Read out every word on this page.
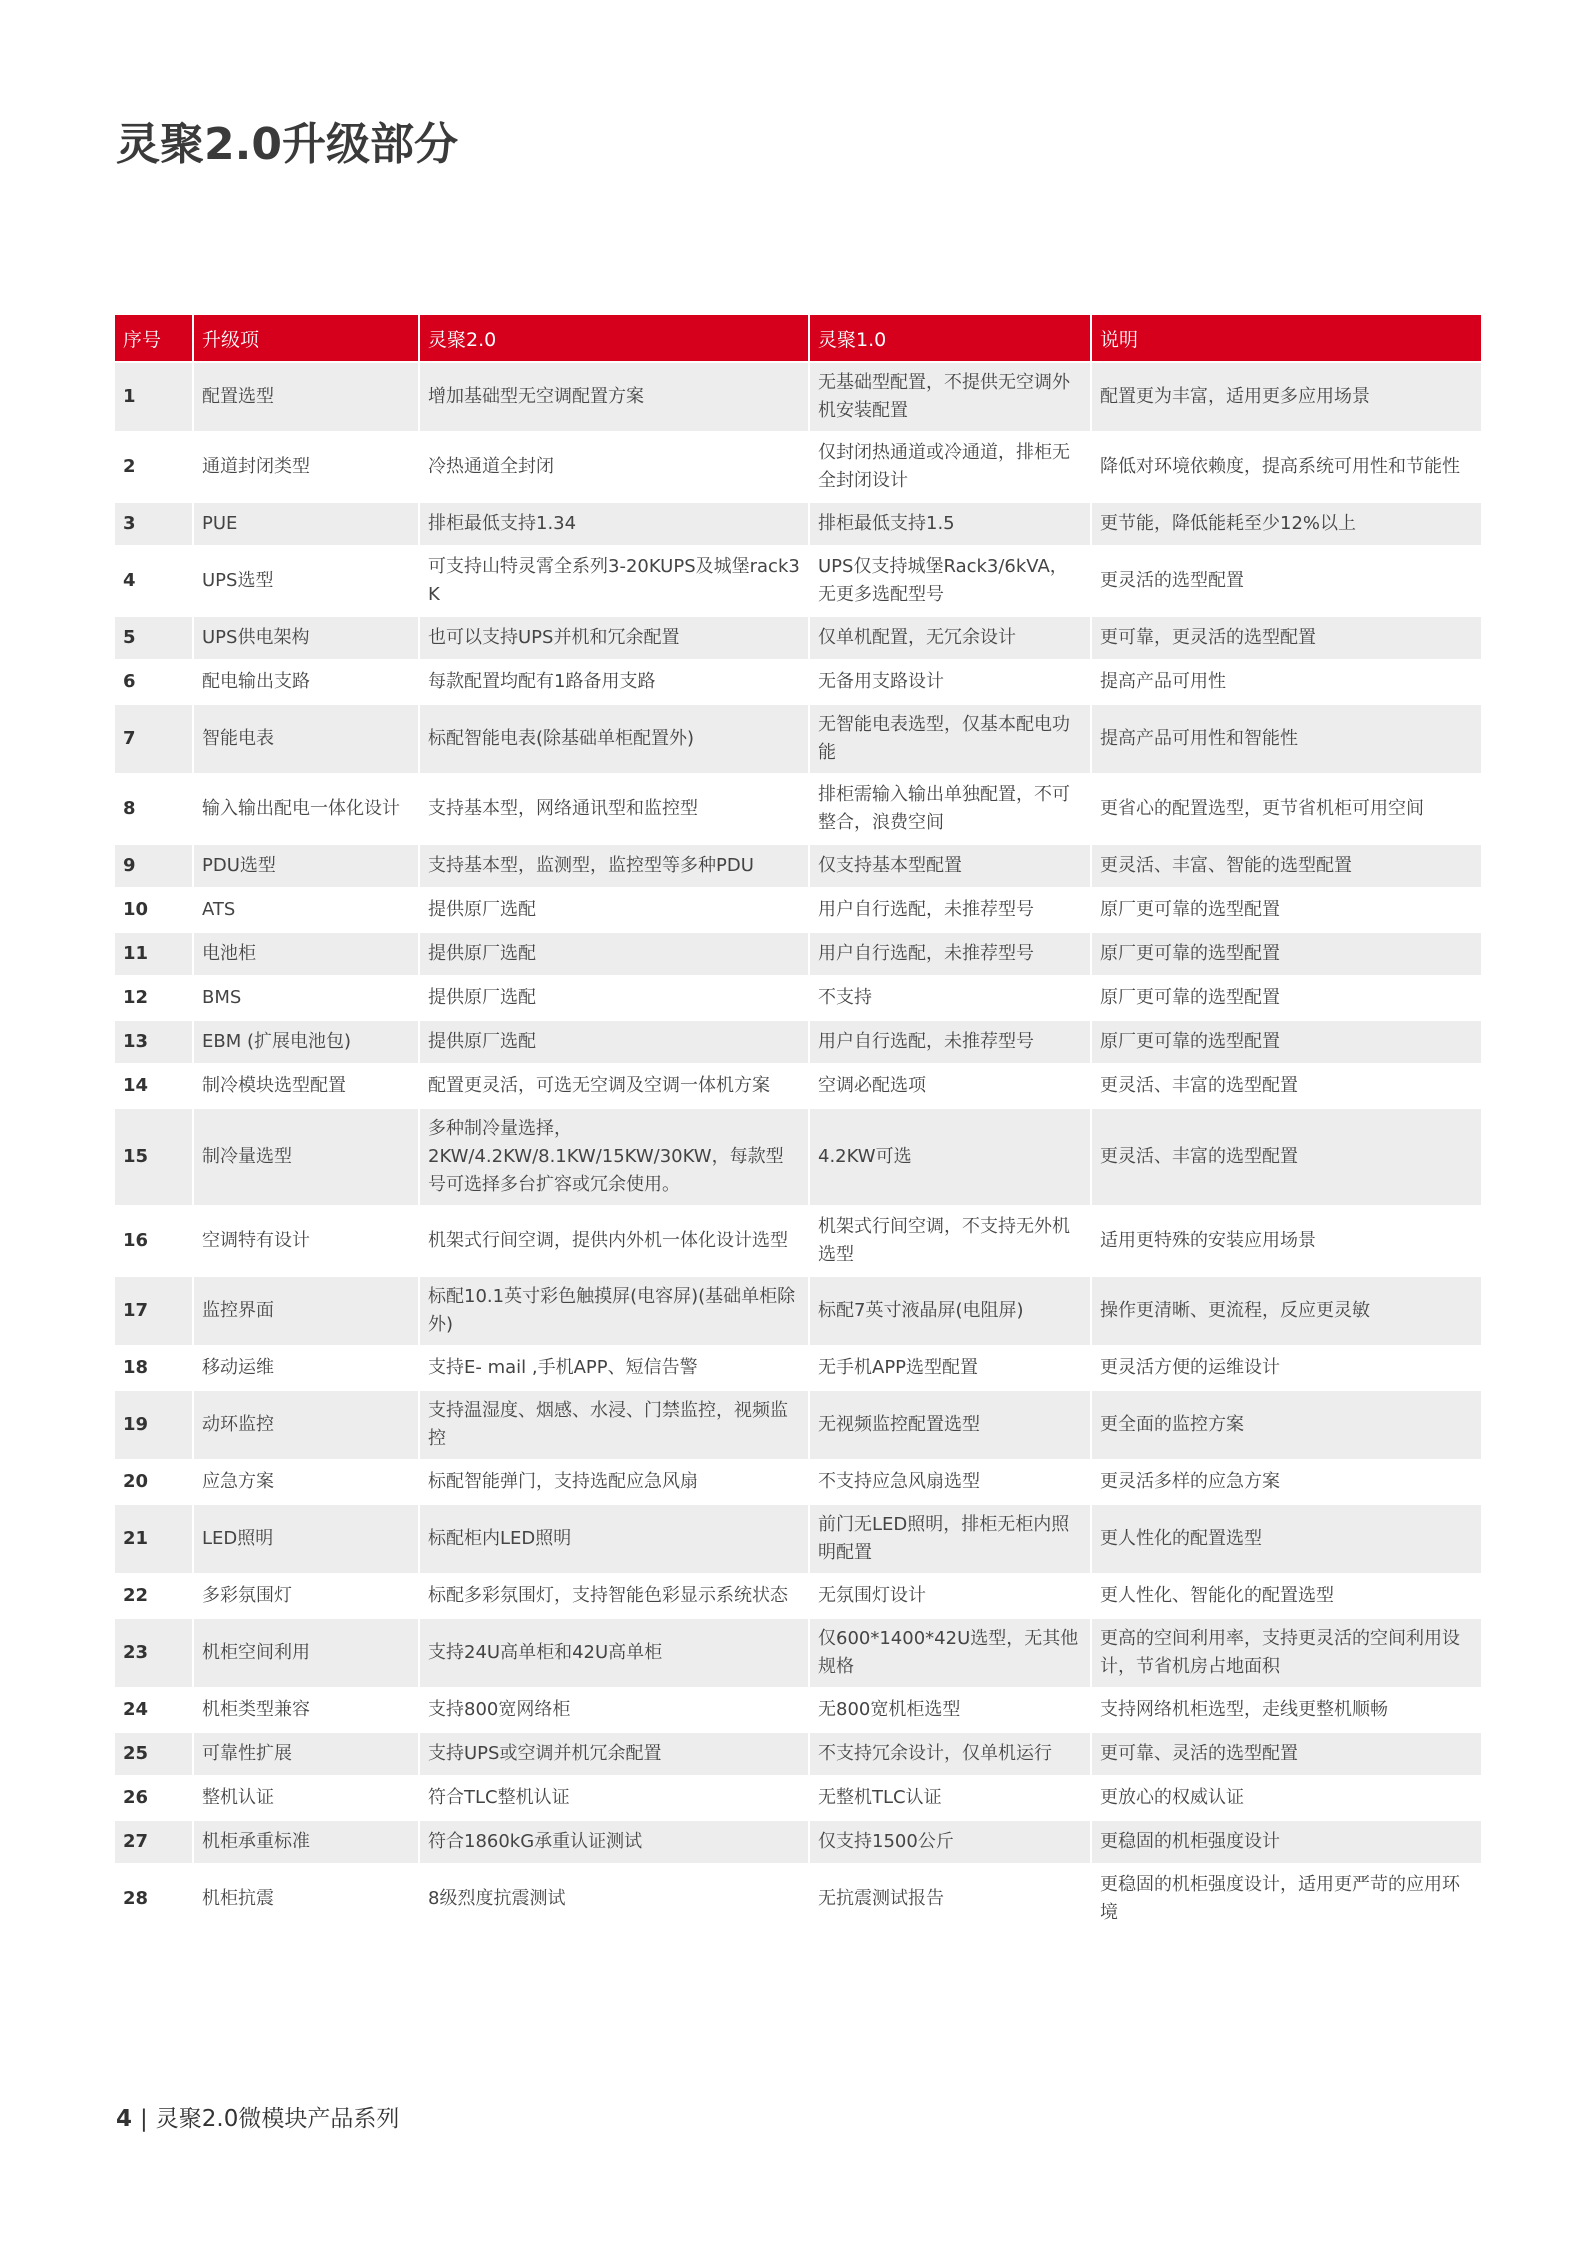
灵聚2.0升级部分
序号	升级项	灵聚2.0	灵聚1.0	说明
1	配置选型	增加基础型无空调配置方案	无基础型配置，不提供无空调外机安装配置	配置更为丰富，适用更多应用场景
2	通道封闭类型	冷热通道全封闭	仅封闭热通道或冷通道，排柜无全封闭设计	降低对环境依赖度，提高系统可用性和节能性
3	PUE	排柜最低支持1.34	排柜最低支持1.5	更节能，降低能耗至少12%以上
4	UPS选型	可支持山特灵霄全系列3-20KUPS及城堡rack3 K	UPS仅支持城堡Rack3/6kVA，无更多选配型号	更灵活的选型配置
5	UPS供电架构	也可以支持UPS并机和冗余配置	仅单机配置，无冗余设计	更可靠，更灵活的选型配置
6	配电输出支路	每款配置均配有1路备用支路	无备用支路设计	提高产品可用性
7	智能电表	标配智能电表(除基础单柜配置外)	无智能电表选型，仅基本配电功能	提高产品可用性和智能性
8	输入输出配电一体化设计	支持基本型，网络通讯型和监控型	排柜需输入输出单独配置，不可整合，浪费空间	更省心的配置选型，更节省机柜可用空间
9	PDU选型	支持基本型，监测型，监控型等多种PDU	仅支持基本型配置	更灵活、丰富、智能的选型配置
10	ATS	提供原厂选配	用户自行选配，未推荐型号	原厂更可靠的选型配置
11	电池柜	提供原厂选配	用户自行选配，未推荐型号	原厂更可靠的选型配置
12	BMS	提供原厂选配	不支持	原厂更可靠的选型配置
13	EBM (扩展电池包)	提供原厂选配	用户自行选配，未推荐型号	原厂更可靠的选型配置
14	制冷模块选型配置	配置更灵活，可选无空调及空调一体机方案	空调必配选项	更灵活、丰富的选型配置
15	制冷量选型	多种制冷量选择，2KW/4.2KW/8.1KW/15KW/30KW，每款型号可选择多台扩容或冗余使用。	4.2KW可选	更灵活、丰富的选型配置
16	空调特有设计	机架式行间空调，提供内外机一体化设计选型	机架式行间空调，不支持无外机选型	适用更特殊的安装应用场景
17	监控界面	标配10.1英寸彩色触摸屏(电容屏)(基础单柜除外)	标配7英寸液晶屏(电阻屏)	操作更清晰、更流程，反应更灵敏
18	移动运维	支持E- mail ,手机APP、短信告警	无手机APP选型配置	更灵活方便的运维设计
19	动环监控	支持温湿度、烟感、水浸、门禁监控，视频监控	无视频监控配置选型	更全面的监控方案
20	应急方案	标配智能弹门，支持选配应急风扇	不支持应急风扇选型	更灵活多样的应急方案
21	LED照明	标配柜内LED照明	前门无LED照明，排柜无柜内照明配置	更人性化的配置选型
22	多彩氛围灯	标配多彩氛围灯，支持智能色彩显示系统状态	无氛围灯设计	更人性化、智能化的配置选型
23	机柜空间利用	支持24U高单柜和42U高单柜	仅600*1400*42U选型，无其他规格	更高的空间利用率，支持更灵活的空间利用设计，节省机房占地面积
24	机柜类型兼容	支持800宽网络柜	无800宽机柜选型	支持网络机柜选型，走线更整机顺畅
25	可靠性扩展	支持UPS或空调并机冗余配置	不支持冗余设计，仅单机运行	更可靠、灵活的选型配置
26	整机认证	符合TLC整机认证	无整机TLC认证	更放心的权威认证
27	机柜承重标准	符合1860kG承重认证测试	仅支持1500公斤	更稳固的机柜强度设计
28	机柜抗震	8级烈度抗震测试	无抗震测试报告	更稳固的机柜强度设计，适用更严苛的应用环境
4 | 灵聚2.0微模块产品系列
